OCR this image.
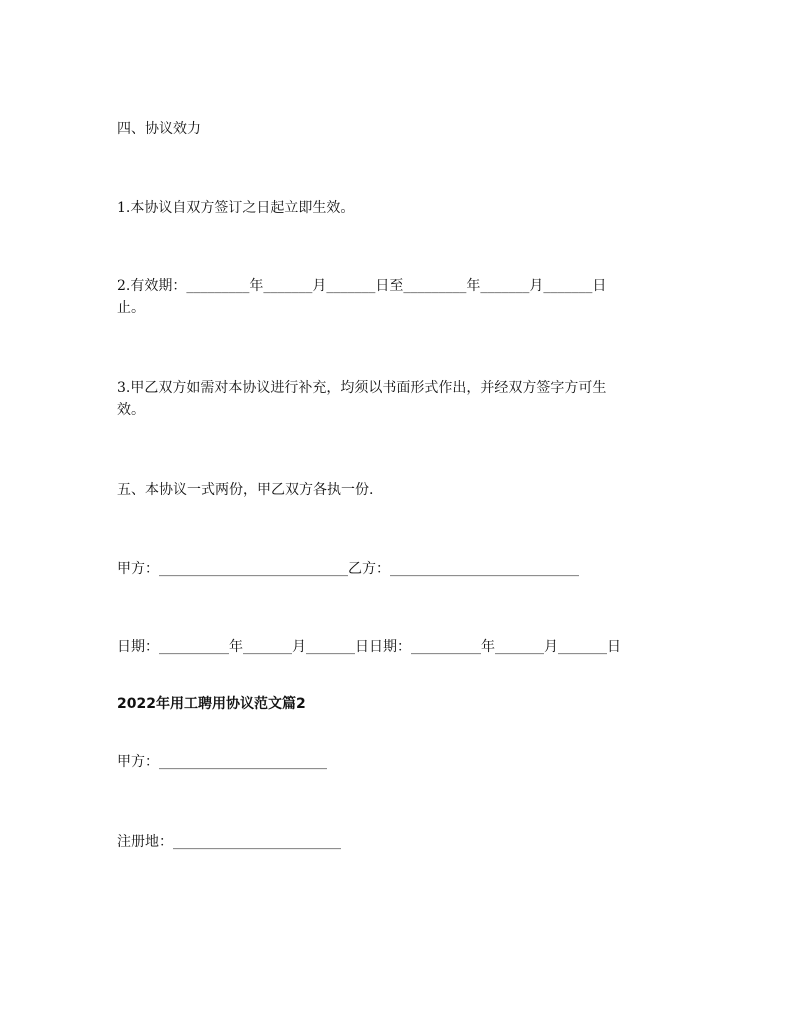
四、协议效力
1.本协议自双方签订之日起立即生效。
2.有效期：_________年_______月_______日至_________年_______月_______日
止。
3.甲乙双方如需对本协议进行补充，均须以书面形式作出，并经双方签字方可生
效。
五、本协议一式两份，甲乙双方各执一份.
甲方：___________________________乙方：___________________________
日期：__________年_______月_______日日期：__________年_______月_______日
2022年用工聘用协议范文篇2
甲方：________________________
注册地：________________________
